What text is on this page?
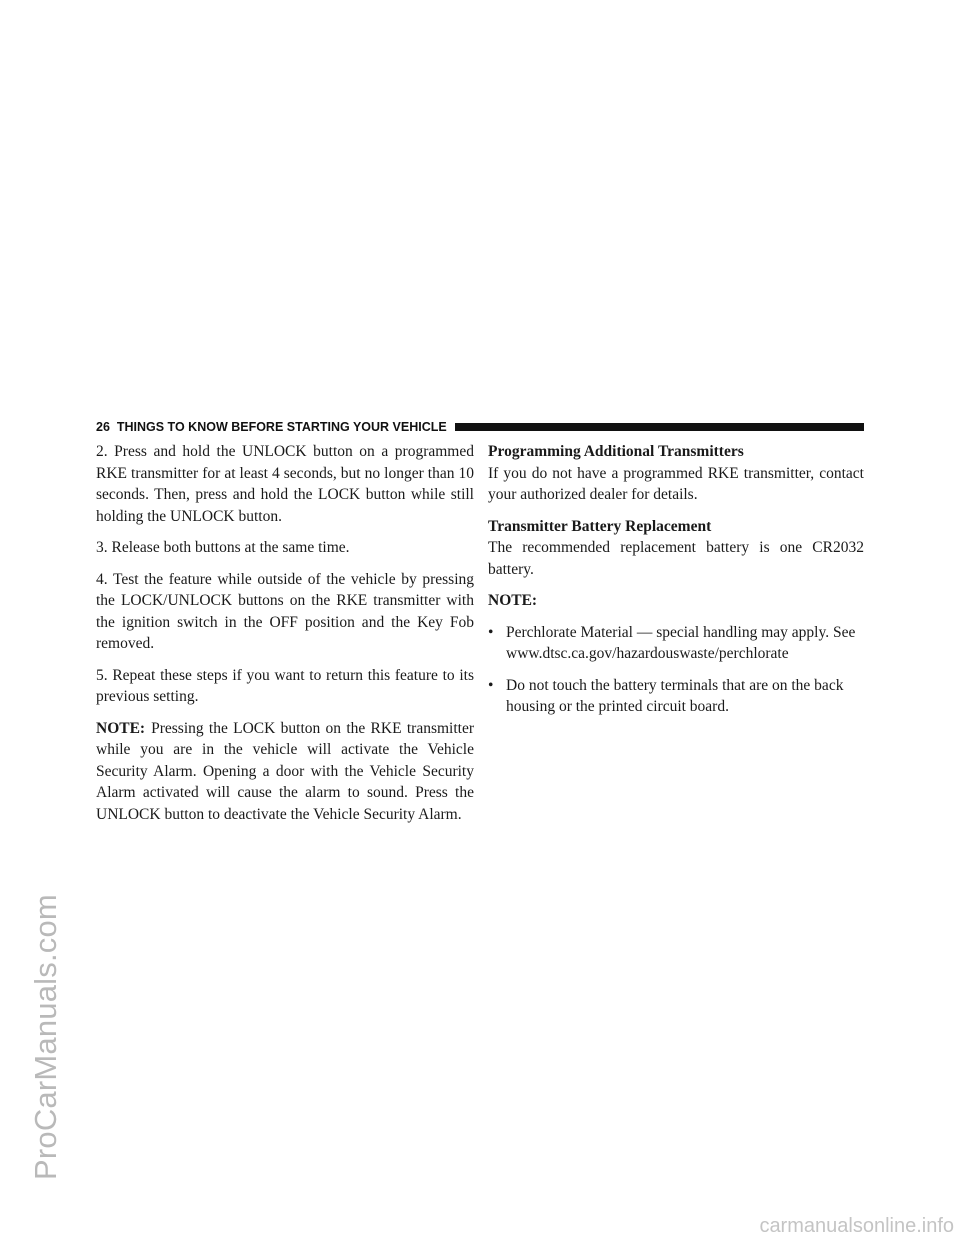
ProCarManuals.com
carmanualsonline.info
26 THINGS TO KNOW BEFORE STARTING YOUR VEHICLE

2. Press and hold the UNLOCK button on a programmed RKE transmitter for at least 4 seconds, but no longer than 10 seconds. Then, press and hold the LOCK button while still holding the UNLOCK button.

3. Release both buttons at the same time.

4. Test the feature while outside of the vehicle by pressing the LOCK/UNLOCK buttons on the RKE transmitter with the ignition switch in the OFF position and the Key Fob removed.

5. Repeat these steps if you want to return this feature to its previous setting.

NOTE: Pressing the LOCK button on the RKE transmitter while you are in the vehicle will activate the Vehicle Security Alarm. Opening a door with the Vehicle Security Alarm activated will cause the alarm to sound. Press the UNLOCK button to deactivate the Vehicle Security Alarm.

Programming Additional Transmitters

If you do not have a programmed RKE transmitter, contact your authorized dealer for details.

Transmitter Battery Replacement

The recommended replacement battery is one CR2032 battery.

NOTE:

• Perchlorate Material — special handling may apply. See www.dtsc.ca.gov/hazardouswaste/perchlorate
• Do not touch the battery terminals that are on the back housing or the printed circuit board.
